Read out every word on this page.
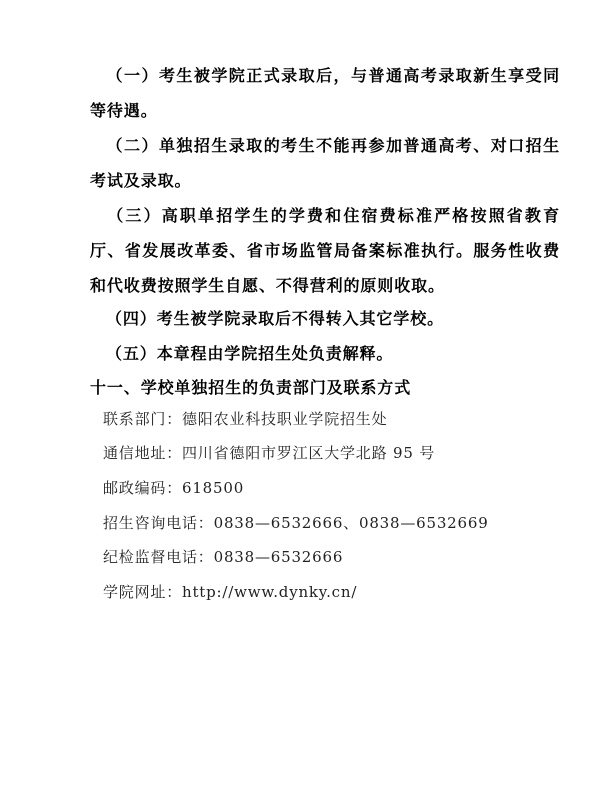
（一）考生被学院正式录取后，与普通高考录取新生享受同等待遇。

（二）单独招生录取的考生不能再参加普通高考、对口招生考试及录取。

（三）高职单招学生的学费和住宿费标准严格按照省教育厅、省发展改革委、省市场监管局备案标准执行。服务性收费和代收费按照学生自愿、不得营利的原则收取。

（四）考生被学院录取后不得转入其它学校。

（五）本章程由学院招生处负责解释。

十一、学校单独招生的负责部门及联系方式

联系部门：德阳农业科技职业学院招生处

通信地址：四川省德阳市罗江区大学北路 95 号

邮政编码：618500

招生咨询电话：0838—6532666、0838—6532669

纪检监督电话：0838—6532666

学院网址：http://www.dynky.cn/
